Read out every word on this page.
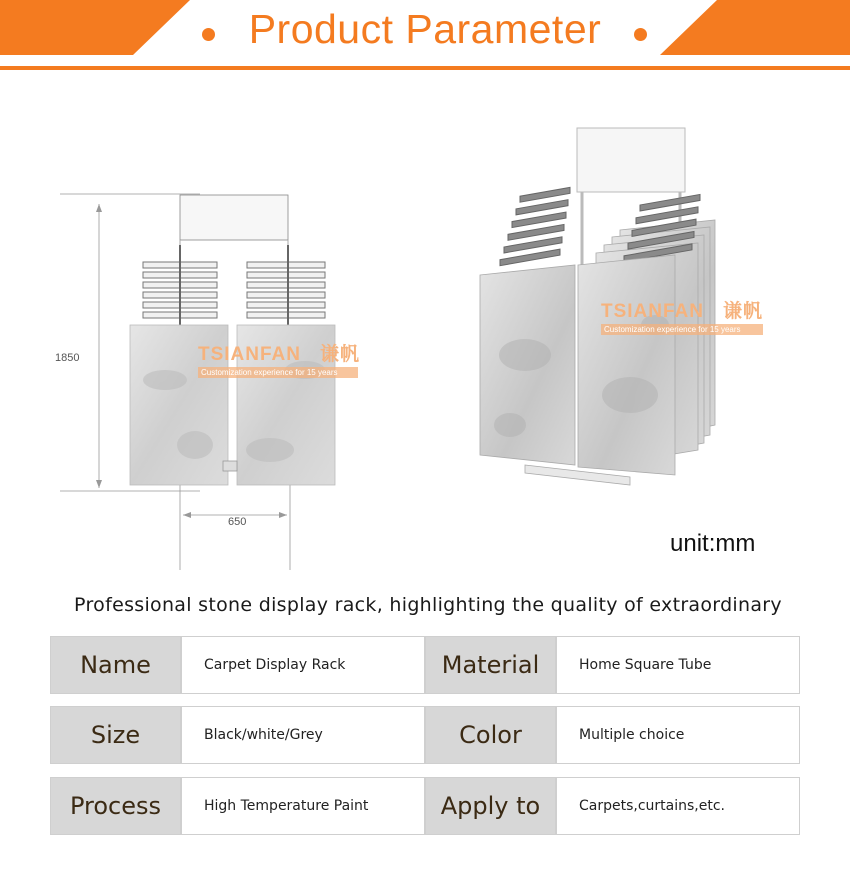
Product Parameter
TSIANFAN 谦帆
Customization experience for 15 years
1850
650
TSIANFAN 谦帆
Customization experience for 15 years
unit:mm
Professional stone display rack, highlighting the quality of extraordinary
Name	Carpet Display Rack	Material	Home Square Tube
Size	Black/white/Grey	Color	Multiple choice
Process	High Temperature Paint	Apply to	Carpets,curtains,etc.
